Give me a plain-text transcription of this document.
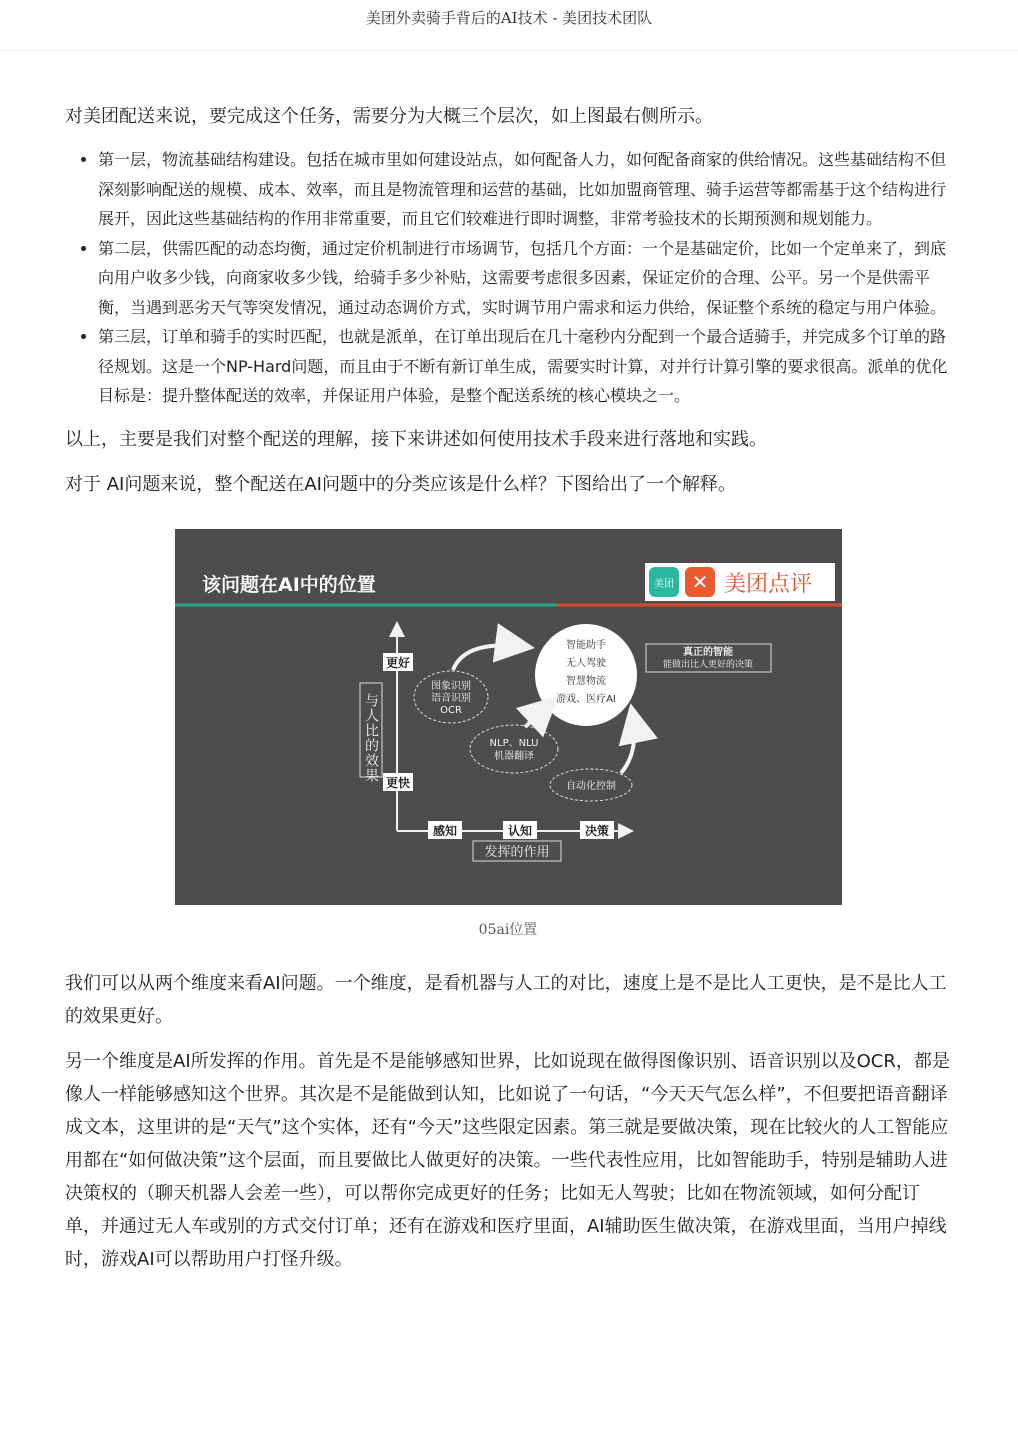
美团外卖骑手背后的AI技术 - 美团技术团队

对美团配送来说，要完成这个任务，需要分为大概三个层次，如上图最右侧所示。

• 第一层，物流基础结构建设。包括在城市里如何建设站点，如何配备人力，如何配备商家的供给情况。这些基础结构不但深刻影响配送的规模、成本、效率，而且是物流管理和运营的基础，比如加盟商管理、骑手运营等都需基于这个结构进行展开，因此这些基础结构的作用非常重要，而且它们较难进行即时调整，非常考验技术的长期预测和规划能力。
• 第二层，供需匹配的动态均衡，通过定价机制进行市场调节，包括几个方面：一个是基础定价，比如一个定单来了，到底向用户收多少钱，向商家收多少钱，给骑手多少补贴，这需要考虑很多因素，保证定价的合理、公平。另一个是供需平衡，当遇到恶劣天气等突发情况，通过动态调价方式，实时调节用户需求和运力供给，保证整个系统的稳定与用户体验。
• 第三层，订单和骑手的实时匹配，也就是派单，在订单出现后在几十毫秒内分配到一个最合适骑手，并完成多个订单的路径规划。这是一个NP-Hard问题，而且由于不断有新订单生成，需要实时计算，对并行计算引擎的要求很高。派单的优化目标是：提升整体配送的效率，并保证用户体验，是整个配送系统的核心模块之一。

以上，主要是我们对整个配送的理解，接下来讲述如何使用技术手段来进行落地和实践。

对于 AI问题来说，整个配送在AI问题中的分类应该是什么样？下图给出了一个解释。

该问题在AI中的位置	美团 ✕ 美团点评
与人比的效果
更好
更快
感知	认知	决策
发挥的作用
图象识别
语音识别
OCR
NLP、NLU
机器翻译
自动化控制
智能助手
无人驾驶
智慧物流
游戏、医疗AI
真正的智能
能做出比人更好的决策
05ai位置

我们可以从两个维度来看AI问题。一个维度，是看机器与人工的对比，速度上是不是比人工更快，是不是比人工的效果更好。

另一个维度是AI所发挥的作用。首先是不是能够感知世界，比如说现在做得图像识别、语音识别以及OCR，都是像人一样能够感知这个世界。其次是不是能做到认知，比如说了一句话，“今天天气怎么样”，不但要把语音翻译成文本，这里讲的是“天气”这个实体，还有“今天”这些限定因素。第三就是要做决策，现在比较火的人工智能应用都在“如何做决策”这个层面，而且要做比人做更好的决策。一些代表性应用，比如智能助手，特别是辅助人进决策权的（聊天机器人会差一些），可以帮你完成更好的任务；比如无人驾驶；比如在物流领域，如何分配订单，并通过无人车或别的方式交付订单；还有在游戏和医疗里面，AI辅助医生做决策，在游戏里面，当用户掉线时，游戏AI可以帮助用户打怪升级。
